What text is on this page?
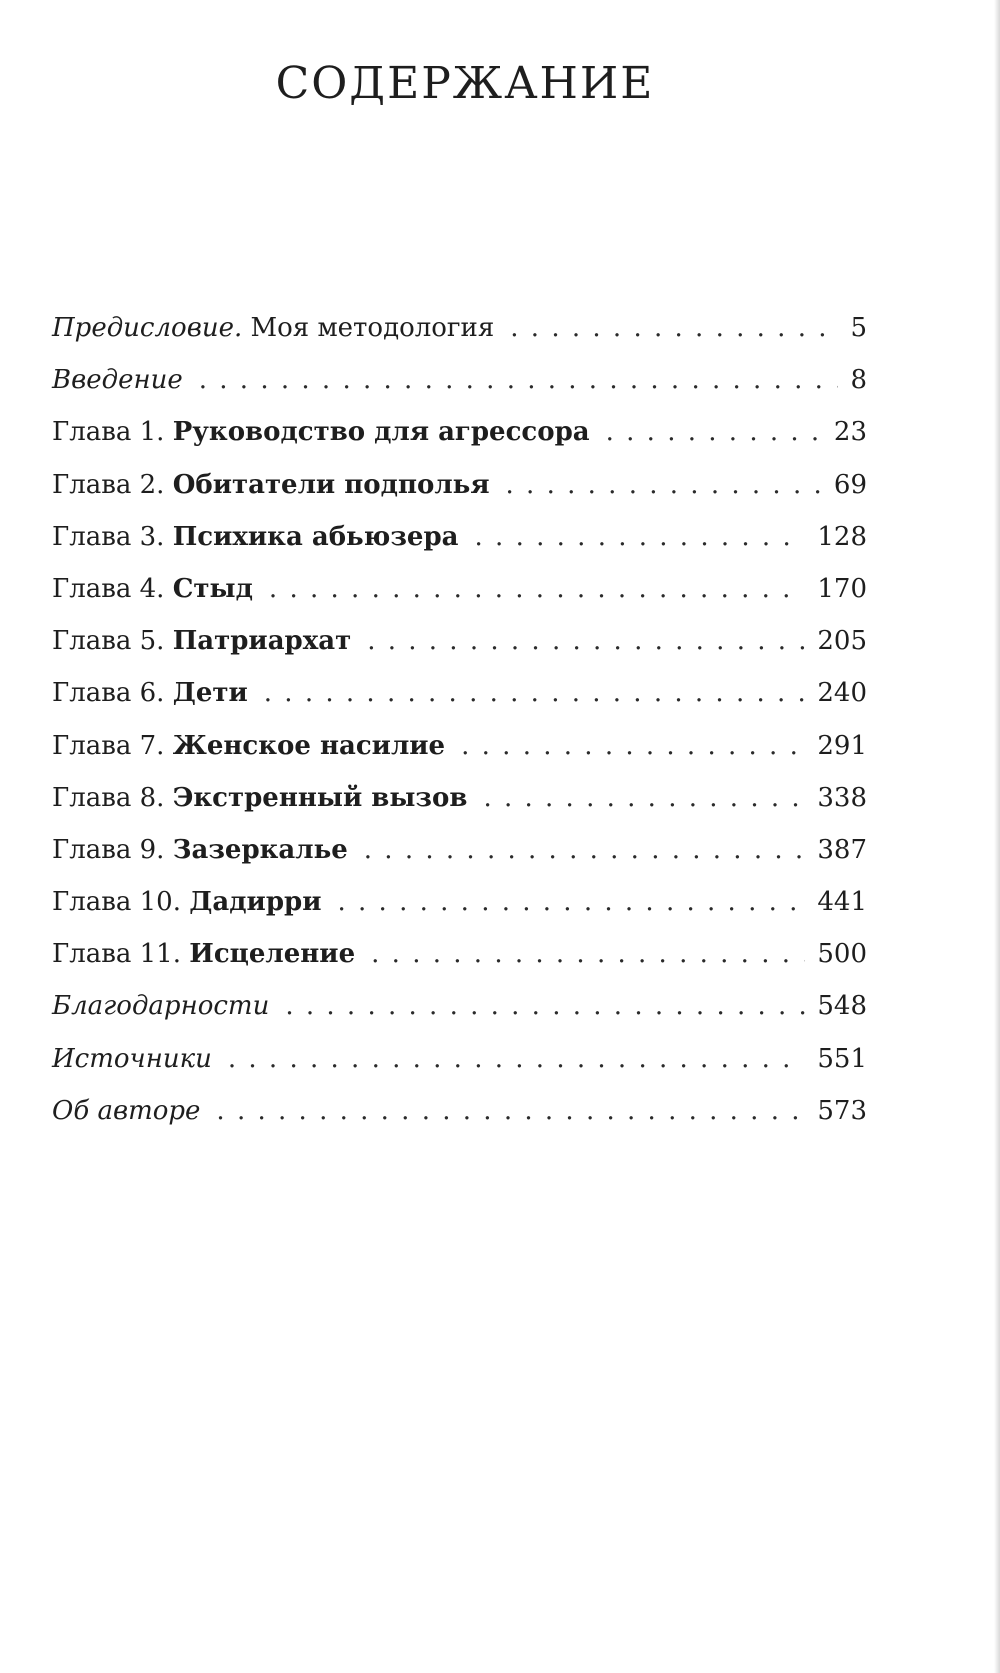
СОДЕРЖАНИЕ
Предисловие. Моя методология . . .	5
Введение . . .	8
Глава 1. Руководство для агрессора . . .	23
Глава 2. Обитатели подполья . . .	69
Глава 3. Психика абьюзера . . .	128
Глава 4. Стыд . . .	170
Глава 5. Патриархат . . .	205
Глава 6. Дети . . .	240
Глава 7. Женское насилие . . .	291
Глава 8. Экстренный вызов . . .	338
Глава 9. Зазеркалье . . .	387
Глава 10. Дадирри . . .	441
Глава 11. Исцеление . . .	500
Благодарности . . .	548
Источники . . .	551
Об авторе . . .	573
